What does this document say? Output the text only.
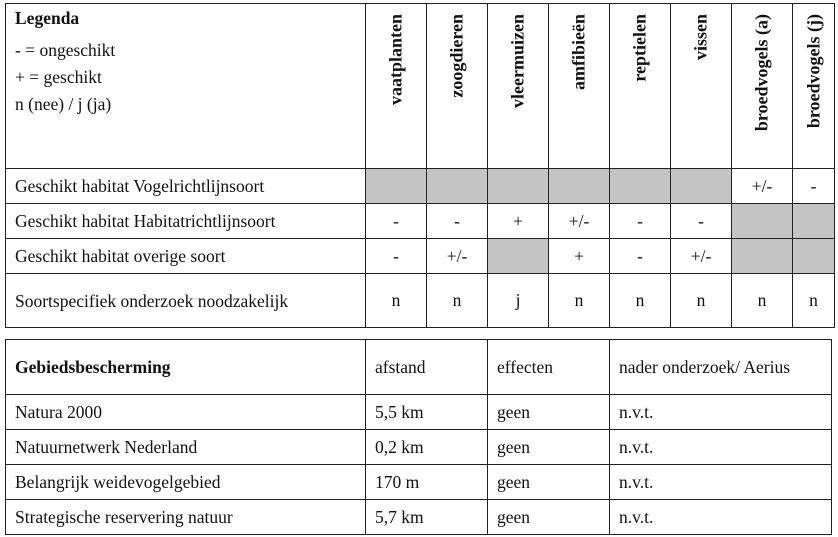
Legenda
- = ongeschikt
+ = geschikt
n (nee) / j (ja)	vaatplanten	zoogdieren	vleermuizen	amfibieën	reptielen	vissen	broedvogels (a)	broedvogels (j)

Geschikt habitat Vogelrichtlijnsoort							+/-	-
Geschikt habitat Habitatrichtlijnsoort	-	-	+	+/-	-	-		
Geschikt habitat overige soort	-	+/-		+	-	+/-		
Soortspecifiek onderzoek noodzakelijk	n	n	j	n	n	n	n	n
Gebiedsbescherming	afstand	effecten	nader onderzoek/ Aerius
Natura 2000	5,5 km	geen	n.v.t.
Natuurnetwerk Nederland	0,2 km	geen	n.v.t.
Belangrijk weidevogelgebied	170 m	geen	n.v.t.
Strategische reservering natuur	5,7 km	geen	n.v.t.
